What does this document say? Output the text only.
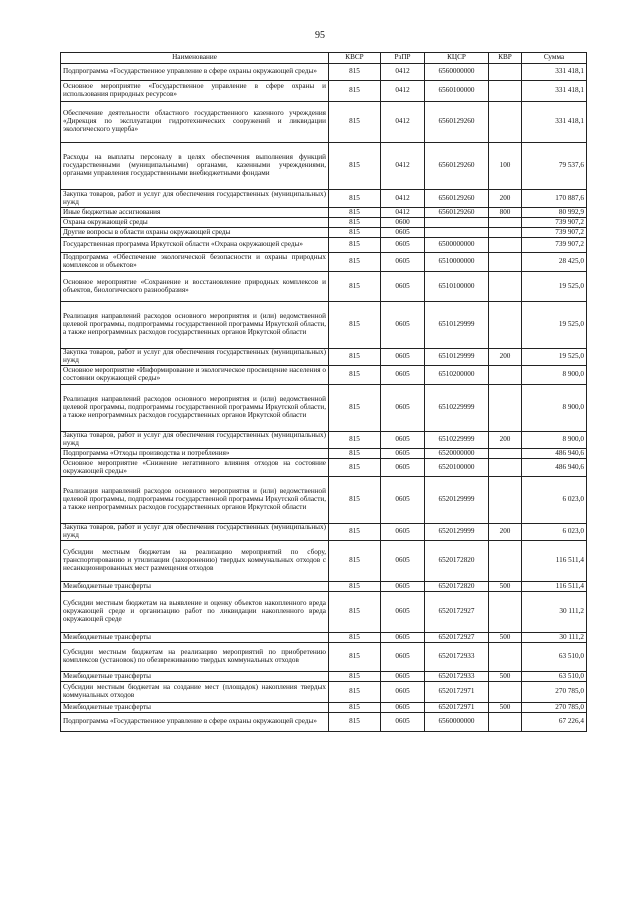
95
Наименование	КВСР	РзПР	КЦСР	КВР	Сумма
Подпрограмма «Государственное управление в сфере охраны окружающей среды»	815	0412	6560000000		331 418,1
Основное мероприятие «Государственное управление в сфере охраны и использования природных ресурсов»	815	0412	6560100000		331 418,1
Обеспечение деятельности областного государственного казенного учреждения «Дирекция по эксплуатации гидротехнических сооружений и ликвидации экологического ущерба»	815	0412	6560129260		331 418,1
Расходы на выплаты персоналу в целях обеспечения выполнения функций государственными (муниципальными) органами, казенными учреждениями, органами управления государственными внебюджетными фондами	815	0412	6560129260	100	79 537,6
Закупка товаров, работ и услуг для обеспечения государственных (муниципальных) нужд	815	0412	6560129260	200	170 887,6
Иные бюджетные ассигнования	815	0412	6560129260	800	80 992,9
Охрана окружающей среды	815	0600			739 907,2
Другие вопросы в области охраны окружающей среды	815	0605			739 907,2
Государственная программа Иркутской области «Охрана окружающей среды»	815	0605	6500000000		739 907,2
Подпрограмма «Обеспечение экологической безопасности и охраны природных комплексов и объектов»	815	0605	6510000000		28 425,0
Основное мероприятие «Сохранение и восстановление природных комплексов и объектов, биологического разнообразия»	815	0605	6510100000		19 525,0
Реализация направлений расходов основного мероприятия и (или) ведомственной целевой программы, подпрограммы государственной программы Иркутской области, а также непрограммных расходов государственных органов Иркутской области	815	0605	6510129999		19 525,0
Закупка товаров, работ и услуг для обеспечения государственных (муниципальных) нужд	815	0605	6510129999	200	19 525,0
Основное мероприятие «Информирование и экологическое просвещение населения о состоянии окружающей среды»	815	0605	6510200000		8 900,0
Реализация направлений расходов основного мероприятия и (или) ведомственной целевой программы, подпрограммы государственной программы Иркутской области, а также непрограммных расходов государственных органов Иркутской области	815	0605	6510229999		8 900,0
Закупка товаров, работ и услуг для обеспечения государственных (муниципальных) нужд	815	0605	6510229999	200	8 900,0
Подпрограмма «Отходы производства и потребления»	815	0605	6520000000		486 940,6
Основное мероприятие «Снижение негативного влияния отходов на состояние окружающей среды»	815	0605	6520100000		486 940,6
Реализация направлений расходов основного мероприятия и (или) ведомственной целевой программы, подпрограммы государственной программы Иркутской области, а также непрограммных расходов государственных органов Иркутской области	815	0605	6520129999		6 023,0
Закупка товаров, работ и услуг для обеспечения государственных (муниципальных) нужд	815	0605	6520129999	200	6 023,0
Субсидии местным бюджетам на реализацию мероприятий по сбору, транспортированию и утилизации (захоронению) твердых коммунальных отходов с несанкционированных мест размещения отходов	815	0605	6520172820		116 511,4
Межбюджетные трансферты	815	0605	6520172820	500	116 511,4
Субсидии местным бюджетам на выявление и оценку объектов накопленного вреда окружающей среде и организацию работ по ликвидации накопленного вреда окружающей среде	815	0605	6520172927		30 111,2
Межбюджетные трансферты	815	0605	6520172927	500	30 111,2
Субсидии местным бюджетам на реализацию мероприятий по приобретению комплексов (установок) по обезвреживанию твердых коммунальных отходов	815	0605	6520172933		63 510,0
Межбюджетные трансферты	815	0605	6520172933	500	63 510,0
Субсидии местным бюджетам на создание мест (площадок) накопления твердых коммунальных отходов	815	0605	6520172971		270 785,0
Межбюджетные трансферты	815	0605	6520172971	500	270 785,0
Подпрограмма «Государственное управление в сфере охраны окружающей среды»	815	0605	6560000000		67 226,4
